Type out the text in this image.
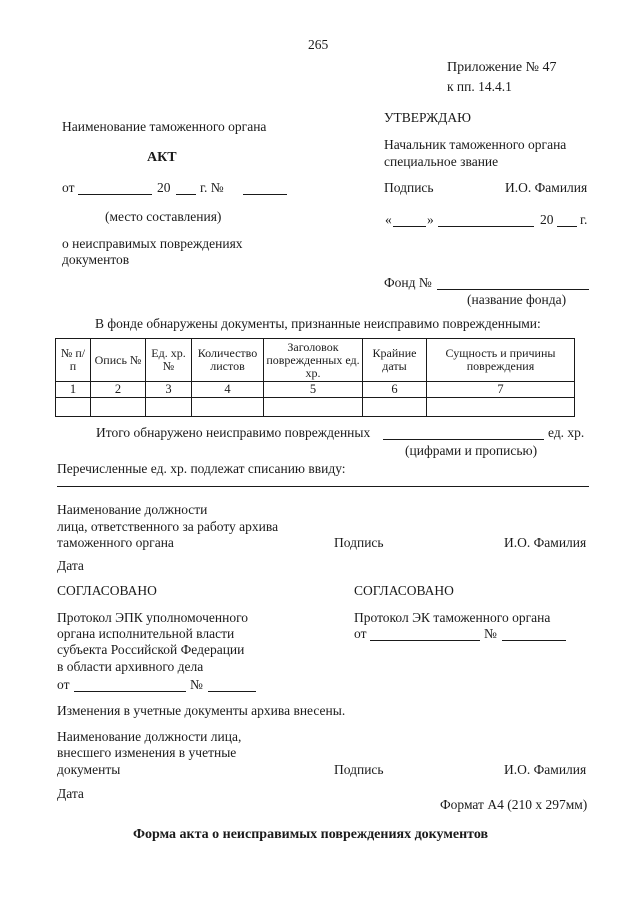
265
Приложение № 47
к пп. 14.4.1
УТВЕРЖДАЮ
Начальник таможенного органа
специальное звание
Подпись	И.О. Фамилия
«	»	20 г.
Наименование таможенного органа
АКТ
от	20 г. №
(место составления)
о неисправимых повреждениях
документов
Фонд №
(название фонда)
В фонде обнаружены документы, признанные неисправимо поврежденными:
№ п/п	Опись №	Ед. хр. №	Количество листов	Заголовок поврежденных ед. хр.	Крайние даты	Сущность и причины повреждения
1	2	3	4	5	6	7

Итого обнаружено неисправимо поврежденных	ед. хр.
(цифрами и прописью)
Перечисленные ед. хр. подлежат списанию ввиду:
Наименование должности
лица, ответственного за работу архива
таможенного органа	Подпись	И.О. Фамилия
Дата
СОГЛАСОВАНО
Протокол ЭПК уполномоченного
органа исполнительной власти
субъекта Российской Федерации
в области архивного дела
от	№
СОГЛАСОВАНО
Протокол ЭК таможенного органа
от	№
Изменения в учетные документы архива внесены.
Наименование должности лица,
внесшего изменения в учетные
документы	Подпись	И.О. Фамилия
Дата
Формат А4 (210 х 297мм)
Форма акта о неисправимых повреждениях документов
